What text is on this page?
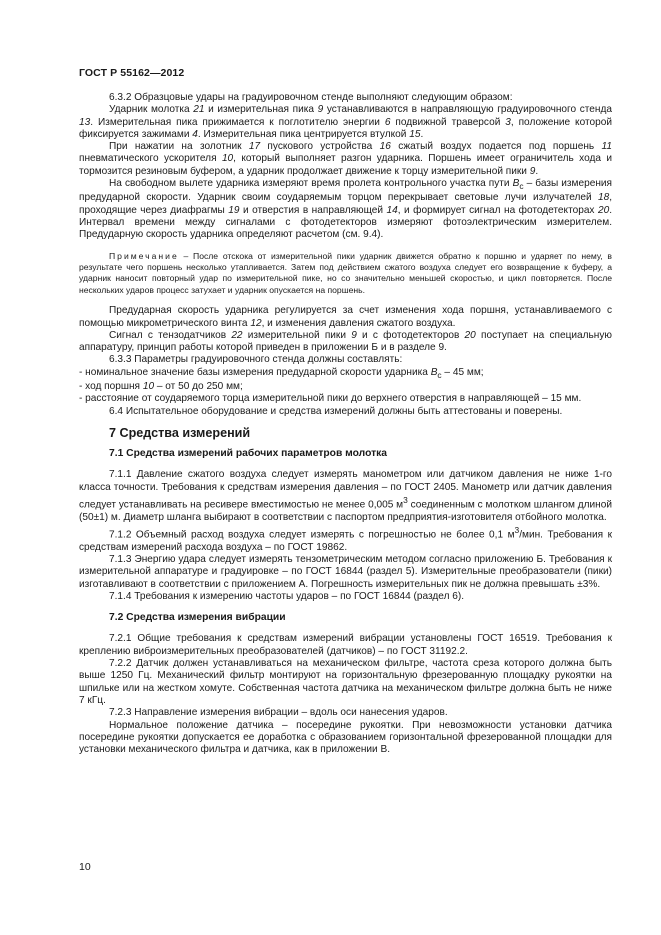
ГОСТ Р 55162—2012

6.3.2 Образцовые удары на градуировочном стенде выполняют следующим образом:

Ударник молотка 21 и измерительная пика 9 устанавливаются в направляющую градуировочного стенда 13. Измерительная пика прижимается к поглотителю энергии 6 подвижной траверсой 3, положение которой фиксируется зажимами 4. Измерительная пика центрируется втулкой 15.

При нажатии на золотник 17 пускового устройства 16 сжатый воздух подается под поршень 11 пневматического ускорителя 10, который выполняет разгон ударника. Поршень имеет ограничитель хода и тормозится резиновым буфером, а ударник продолжает движение к торцу измерительной пики 9.

На свободном вылете ударника измеряют время пролета контрольного участка пути $B_с$ – базы измерения предударной скорости. Ударник своим соударяемым торцом перекрывает световые лучи излучателей 18, проходящие через диафрагмы 19 и отверстия в направляющей 14, и формирует сигнал на фотодетекторах 20. Интервал времени между сигналами с фотодетекторов измеряют фотоэлектрическим измерителем. Предударную скорость ударника определяют расчетом (см. 9.4).

Примечание – После отскока от измерительной пики ударник движется обратно к поршню и ударяет по нему, в результате чего поршень несколько утапливается. Затем под действием сжатого воздуха следует его возвращение к буферу, а ударник наносит повторный удар по измерительной пике, но со значительно меньшей скоростью, и цикл повторяется. После нескольких ударов процесс затухает и ударник опускается на поршень.

Предударная скорость ударника регулируется за счет изменения хода поршня, устанавливаемого с помощью микрометрического винта 12, и изменения давления сжатого воздуха.

Сигнал с тензодатчиков 22 измерительной пики 9 и с фотодетекторов 20 поступает на специальную аппаратуру, принцип работы которой приведен в приложении Б и в разделе 9.

6.3.3 Параметры градуировочного стенда должны составлять:

- номинальное значение базы измерения предударной скорости ударника $B_с - 45$ мм;

- ход поршня 10 – от 50 до 250 мм;

- расстояние от соударяемого торца измерительной пики до верхнего отверстия в направляющей – 15 мм.

6.4 Испытательное оборудование и средства измерений должны быть аттестованы и поверены.

7 Средства измерений
7.1 Средства измерений рабочих параметров молотка

7.1.1 Давление сжатого воздуха следует измерять манометром или датчиком давления не ниже 1-го класса точности. Требования к средствам измерения давления – по ГОСТ 2405. Манометр или датчик давления следует устанавливать на ресивере вместимостью не менее 0,005 $м^3$ соединенным с молотком шлангом длиной (50±1) м. Диаметр шланга выбирают в соответствии с паспортом предприятия-изготовителя отбойного молотка.

7.1.2 Объемный расход воздуха следует измерять с погрешностью не более 0,1 $м^3$/мин. Требования к средствам измерений расхода воздуха – по ГОСТ 19862.

7.1.3 Энергию удара следует измерять тензометрическим методом согласно приложению Б. Требования к измерительной аппаратуре и градуировке – по ГОСТ 16844 (раздел 5). Измерительные преобразователи (пики) изготавливают в соответствии с приложением А. Погрешность измерительных пик не должна превышать ±3%.

7.1.4 Требования к измерению частоты ударов – по ГОСТ 16844 (раздел 6).

7.2 Средства измерения вибрации

7.2.1 Общие требования к средствам измерений вибрации установлены ГОСТ 16519. Требования к креплению виброизмерительных преобразователей (датчиков) – по ГОСТ 31192.2.

7.2.2 Датчик должен устанавливаться на механическом фильтре, частота среза которого должна быть выше 1250 Гц. Механический фильтр монтируют на горизонтальную фрезерованную площадку рукоятки на шпильке или на жестком хомуте. Собственная частота датчика на механическом фильтре должна быть не ниже 7 кГц.

7.2.3 Направление измерения вибрации – вдоль оси нанесения ударов.

Нормальное положение датчика – посередине рукоятки. При невозможности установки датчика посередине рукоятки допускается ее доработка с образованием горизонтальной фрезерованной площадки для установки механического фильтра и датчика, как в приложении В.

10
